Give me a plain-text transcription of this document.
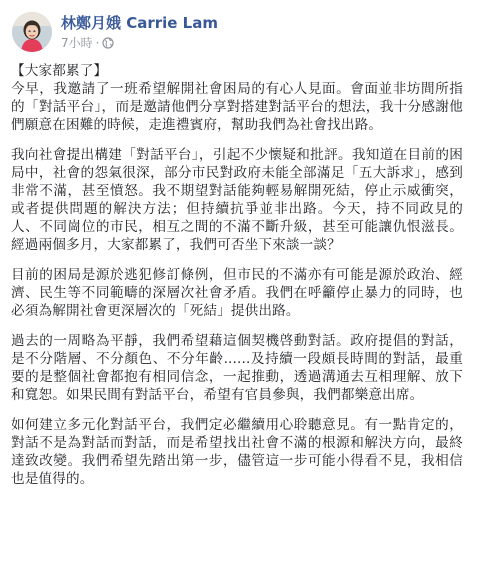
林鄭月娥 Carrie Lam
7小時 ·

【大家都累了】

今早，我邀請了一班希望解開社會困局的有心人見面。會面並非坊間所指的「對話平台」，而是邀請他們分享對搭建對話平台的想法，我十分感謝他們願意在困難的時候，走進禮賓府，幫助我們為社會找出路。

我向社會提出構建「對話平台」，引起不少懷疑和批評。我知道在目前的困局中，社會的怨氣很深，部分市民對政府未能全部滿足「五大訴求」，感到非常不滿，甚至憤怒。我不期望對話能夠輕易解開死結，停止示威衝突，或者提供問題的解決方法；但持續抗爭並非出路。今天，持不同政見的人、不同崗位的市民，相互之間的不滿不斷升級，甚至可能讓仇恨滋長。經過兩個多月，大家都累了，我們可否坐下來談一談？

目前的困局是源於逃犯修訂條例，但市民的不滿亦有可能是源於政治、經濟、民生等不同範疇的深層次社會矛盾。我們在呼籲停止暴力的同時，也必須為解開社會更深層次的「死結」提供出路。

過去的一周略為平靜，我們希望藉這個契機啓動對話。政府提倡的對話，是不分階層、不分顏色、不分年齡......及持續一段頗長時間的對話，最重要的是整個社會都抱有相同信念，一起推動，透過溝通去互相理解、放下和寬恕。如果民間有對話平台，希望有官員參與，我們都樂意出席。

如何建立多元化對話平台，我們定必繼續用心聆聽意見。有一點肯定的，對話不是為對話而對話，而是希望找出社會不滿的根源和解決方向，最終達致改變。我們希望先踏出第一步，儘管這一步可能小得看不見，我相信也是值得的。
